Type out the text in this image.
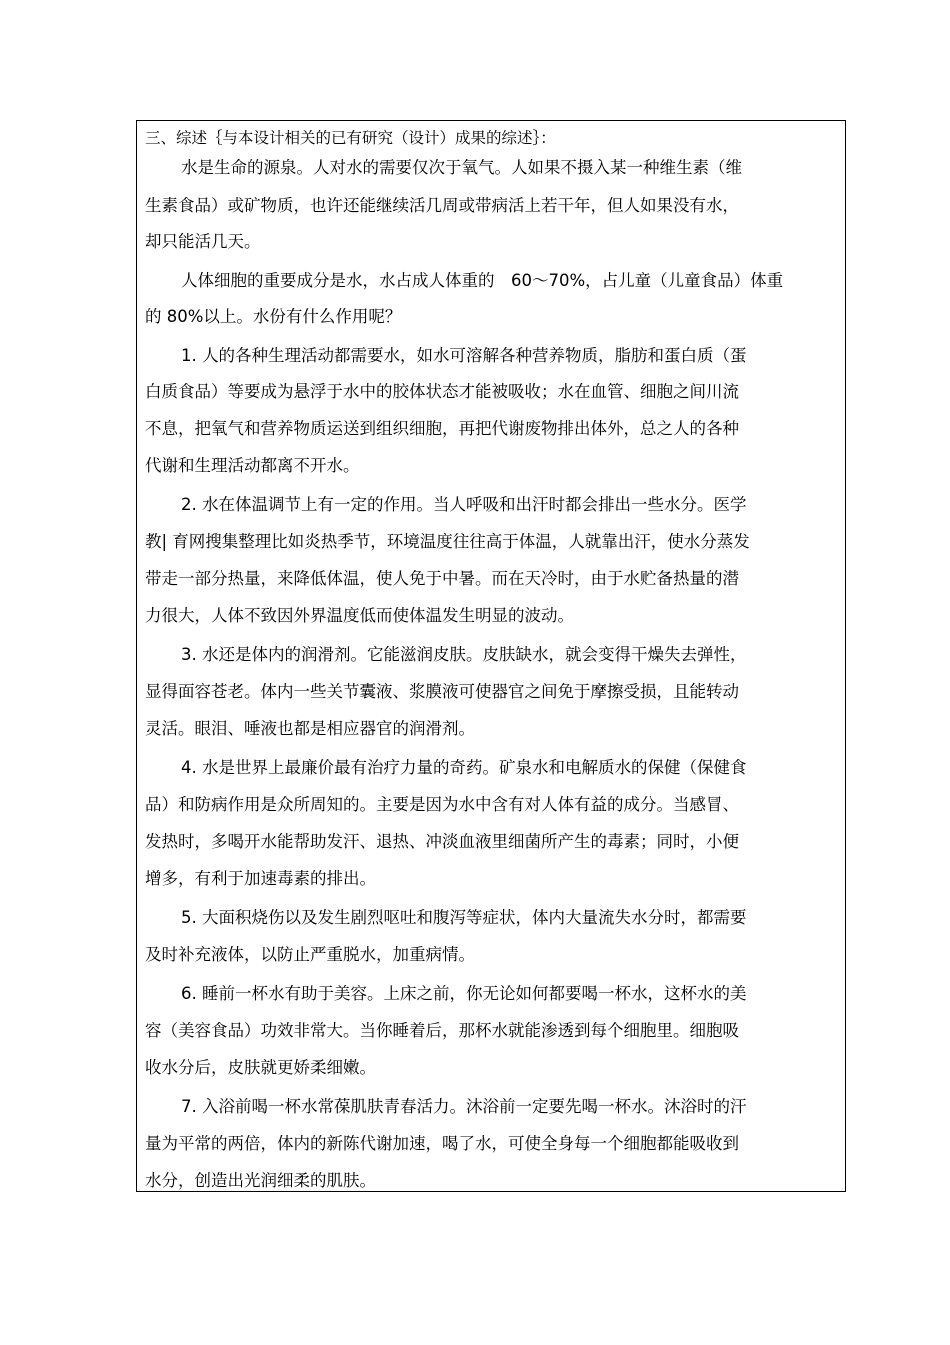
三、综述｛与本设计相关的已有研究（设计）成果的综述｝：
水是生命的源泉。人对水的需要仅次于氧气。人如果不摄入某一种维生素（维
生素食品）或矿物质，也许还能继续活几周或带病活上若干年，但人如果没有水，
却只能活几天。
人体细胞的重要成分是水，水占成人体重的　60～70%，占儿童（儿童食品）体重
的 80%以上。水份有什么作用呢？
1. 人的各种生理活动都需要水，如水可溶解各种营养物质，脂肪和蛋白质（蛋
白质食品）等要成为悬浮于水中的胶体状态才能被吸收；水在血管、细胞之间川流
不息，把氧气和营养物质运送到组织细胞，再把代谢废物排出体外，总之人的各种
代谢和生理活动都离不开水。
2. 水在体温调节上有一定的作用。当人呼吸和出汗时都会排出一些水分。医学
教| 育网搜集整理比如炎热季节，环境温度往往高于体温，人就靠出汗，使水分蒸发
带走一部分热量，来降低体温，使人免于中暑。而在天冷时，由于水贮备热量的潜
力很大，人体不致因外界温度低而使体温发生明显的波动。
3. 水还是体内的润滑剂。它能滋润皮肤。皮肤缺水，就会变得干燥失去弹性，
显得面容苍老。体内一些关节囊液、浆膜液可使器官之间免于摩擦受损，且能转动
灵活。眼泪、唾液也都是相应器官的润滑剂。
4. 水是世界上最廉价最有治疗力量的奇药。矿泉水和电解质水的保健（保健食
品）和防病作用是众所周知的。主要是因为水中含有对人体有益的成分。当感冒、
发热时，多喝开水能帮助发汗、退热、冲淡血液里细菌所产生的毒素；同时，小便
增多，有利于加速毒素的排出。
5. 大面积烧伤以及发生剧烈呕吐和腹泻等症状，体内大量流失水分时，都需要
及时补充液体，以防止严重脱水，加重病情。
6. 睡前一杯水有助于美容。上床之前，你无论如何都要喝一杯水，这杯水的美
容（美容食品）功效非常大。当你睡着后，那杯水就能渗透到每个细胞里。细胞吸
收水分后，皮肤就更娇柔细嫩。
7. 入浴前喝一杯水常葆肌肤青春活力。沐浴前一定要先喝一杯水。沐浴时的汗
量为平常的两倍，体内的新陈代谢加速，喝了水，可使全身每一个细胞都能吸收到
水分，创造出光润细柔的肌肤。
